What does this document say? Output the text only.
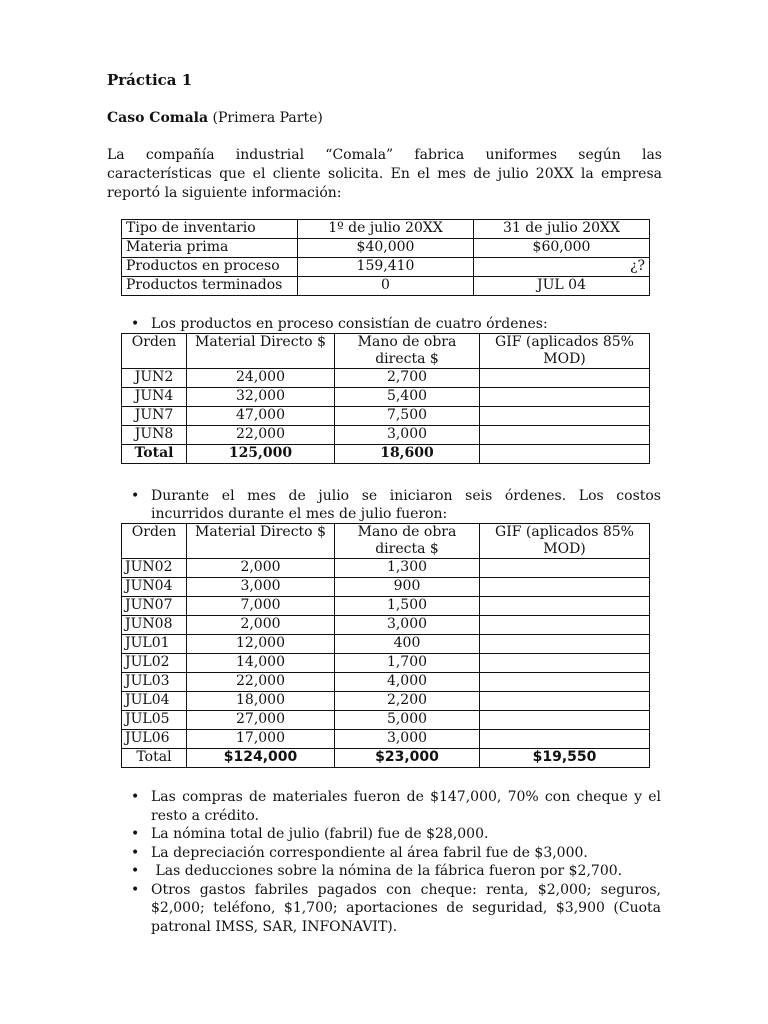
Práctica 1
Caso Comala (Primera Parte)
La compañía industrial “Comala” fabrica uniformes según las
características que el cliente solicita. En el mes de julio 20XX la empresa
reportó la siguiente información:
Tipo de inventario	1º de julio 20XX	31 de julio 20XX
Materia prima	$40,000	$60,000
Productos en proceso	159,410	¿?
Productos terminados	0	JUL 04
• Los productos en proceso consistían de cuatro órdenes:
Orden	Material Directo $	Mano de obra directa $	GIF (aplicados 85% MOD)
JUN2	24,000	2,700	
JUN4	32,000	5,400	
JUN7	47,000	7,500	
JUN8	22,000	3,000	
Total	125,000	18,600	
• Durante el mes de julio se iniciaron seis órdenes. Los costos
incurridos durante el mes de julio fueron:
Orden	Material Directo $	Mano de obra directa $	GIF (aplicados 85% MOD)
JUN02	2,000	1,300	
JUN04	3,000	900	
JUN07	7,000	1,500	
JUN08	2,000	3,000	
JUL01	12,000	400	
JUL02	14,000	1,700	
JUL03	22,000	4,000	
JUL04	18,000	2,200	
JUL05	27,000	5,000	
JUL06	17,000	3,000	
Total	$124,000	$23,000	$19,550
• Las compras de materiales fueron de $147,000, 70% con cheque y el resto a crédito.
• La nómina total de julio (fabril) fue de $28,000.
• La depreciación correspondiente al área fabril fue de $3,000.
• Las deducciones sobre la nómina de la fábrica fueron por $2,700.
• Otros gastos fabriles pagados con cheque: renta, $2,000; seguros, $2,000; teléfono, $1,700; aportaciones de seguridad, $3,900 (Cuota patronal IMSS, SAR, INFONAVIT).
